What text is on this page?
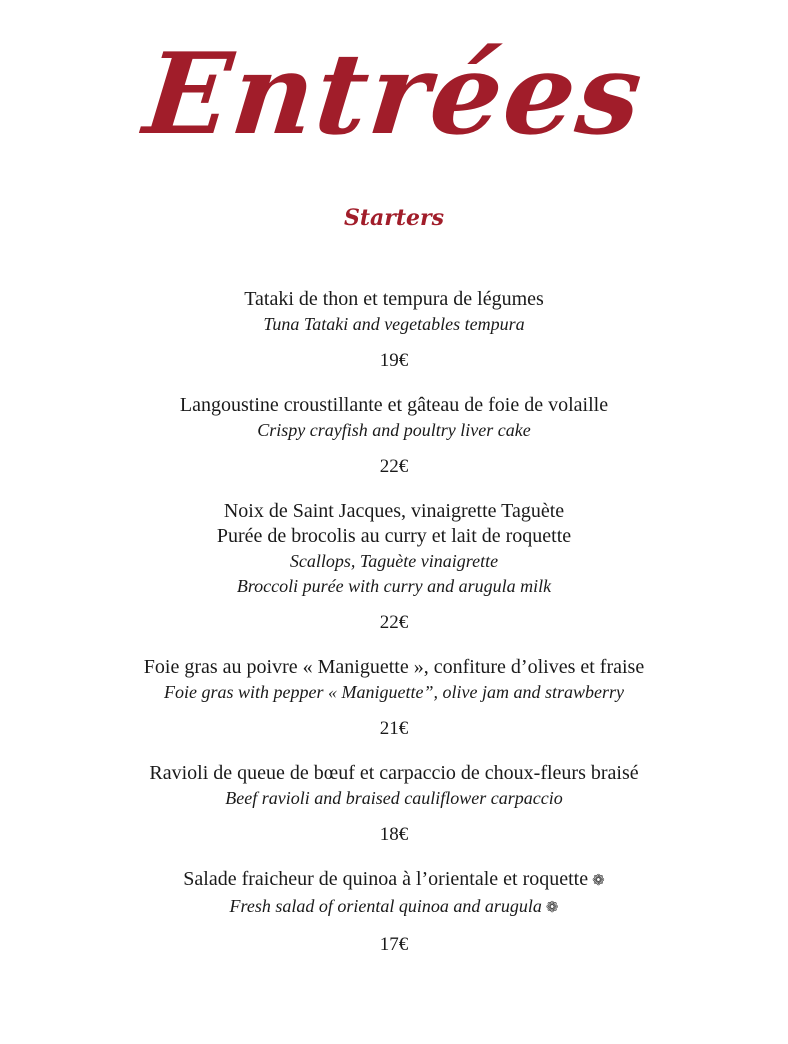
Entrées
Starters
Tataki de thon et tempura de légumes
Tuna Tataki and vegetables tempura
19€
Langoustine croustillante et gâteau de foie de volaille
Crispy crayfish and poultry liver cake
22€
Noix de Saint Jacques, vinaigrette Taguète
Purée de brocolis au curry et lait de roquette
Scallops, Taguète vinaigrette
Broccoli purée with curry and arugula milk
22€
Foie gras au poivre « Maniguette », confiture d’olives et fraise
Foie gras with pepper « Maniguette”, olive jam and strawberry
21€
Ravioli de queue de bœuf et carpaccio de choux-fleurs braisé
Beef ravioli and braised cauliflower carpaccio
18€
Salade fraicheur de quinoa à l’orientale et roquette ❁
Fresh salad of oriental quinoa and arugula ❁
17€
